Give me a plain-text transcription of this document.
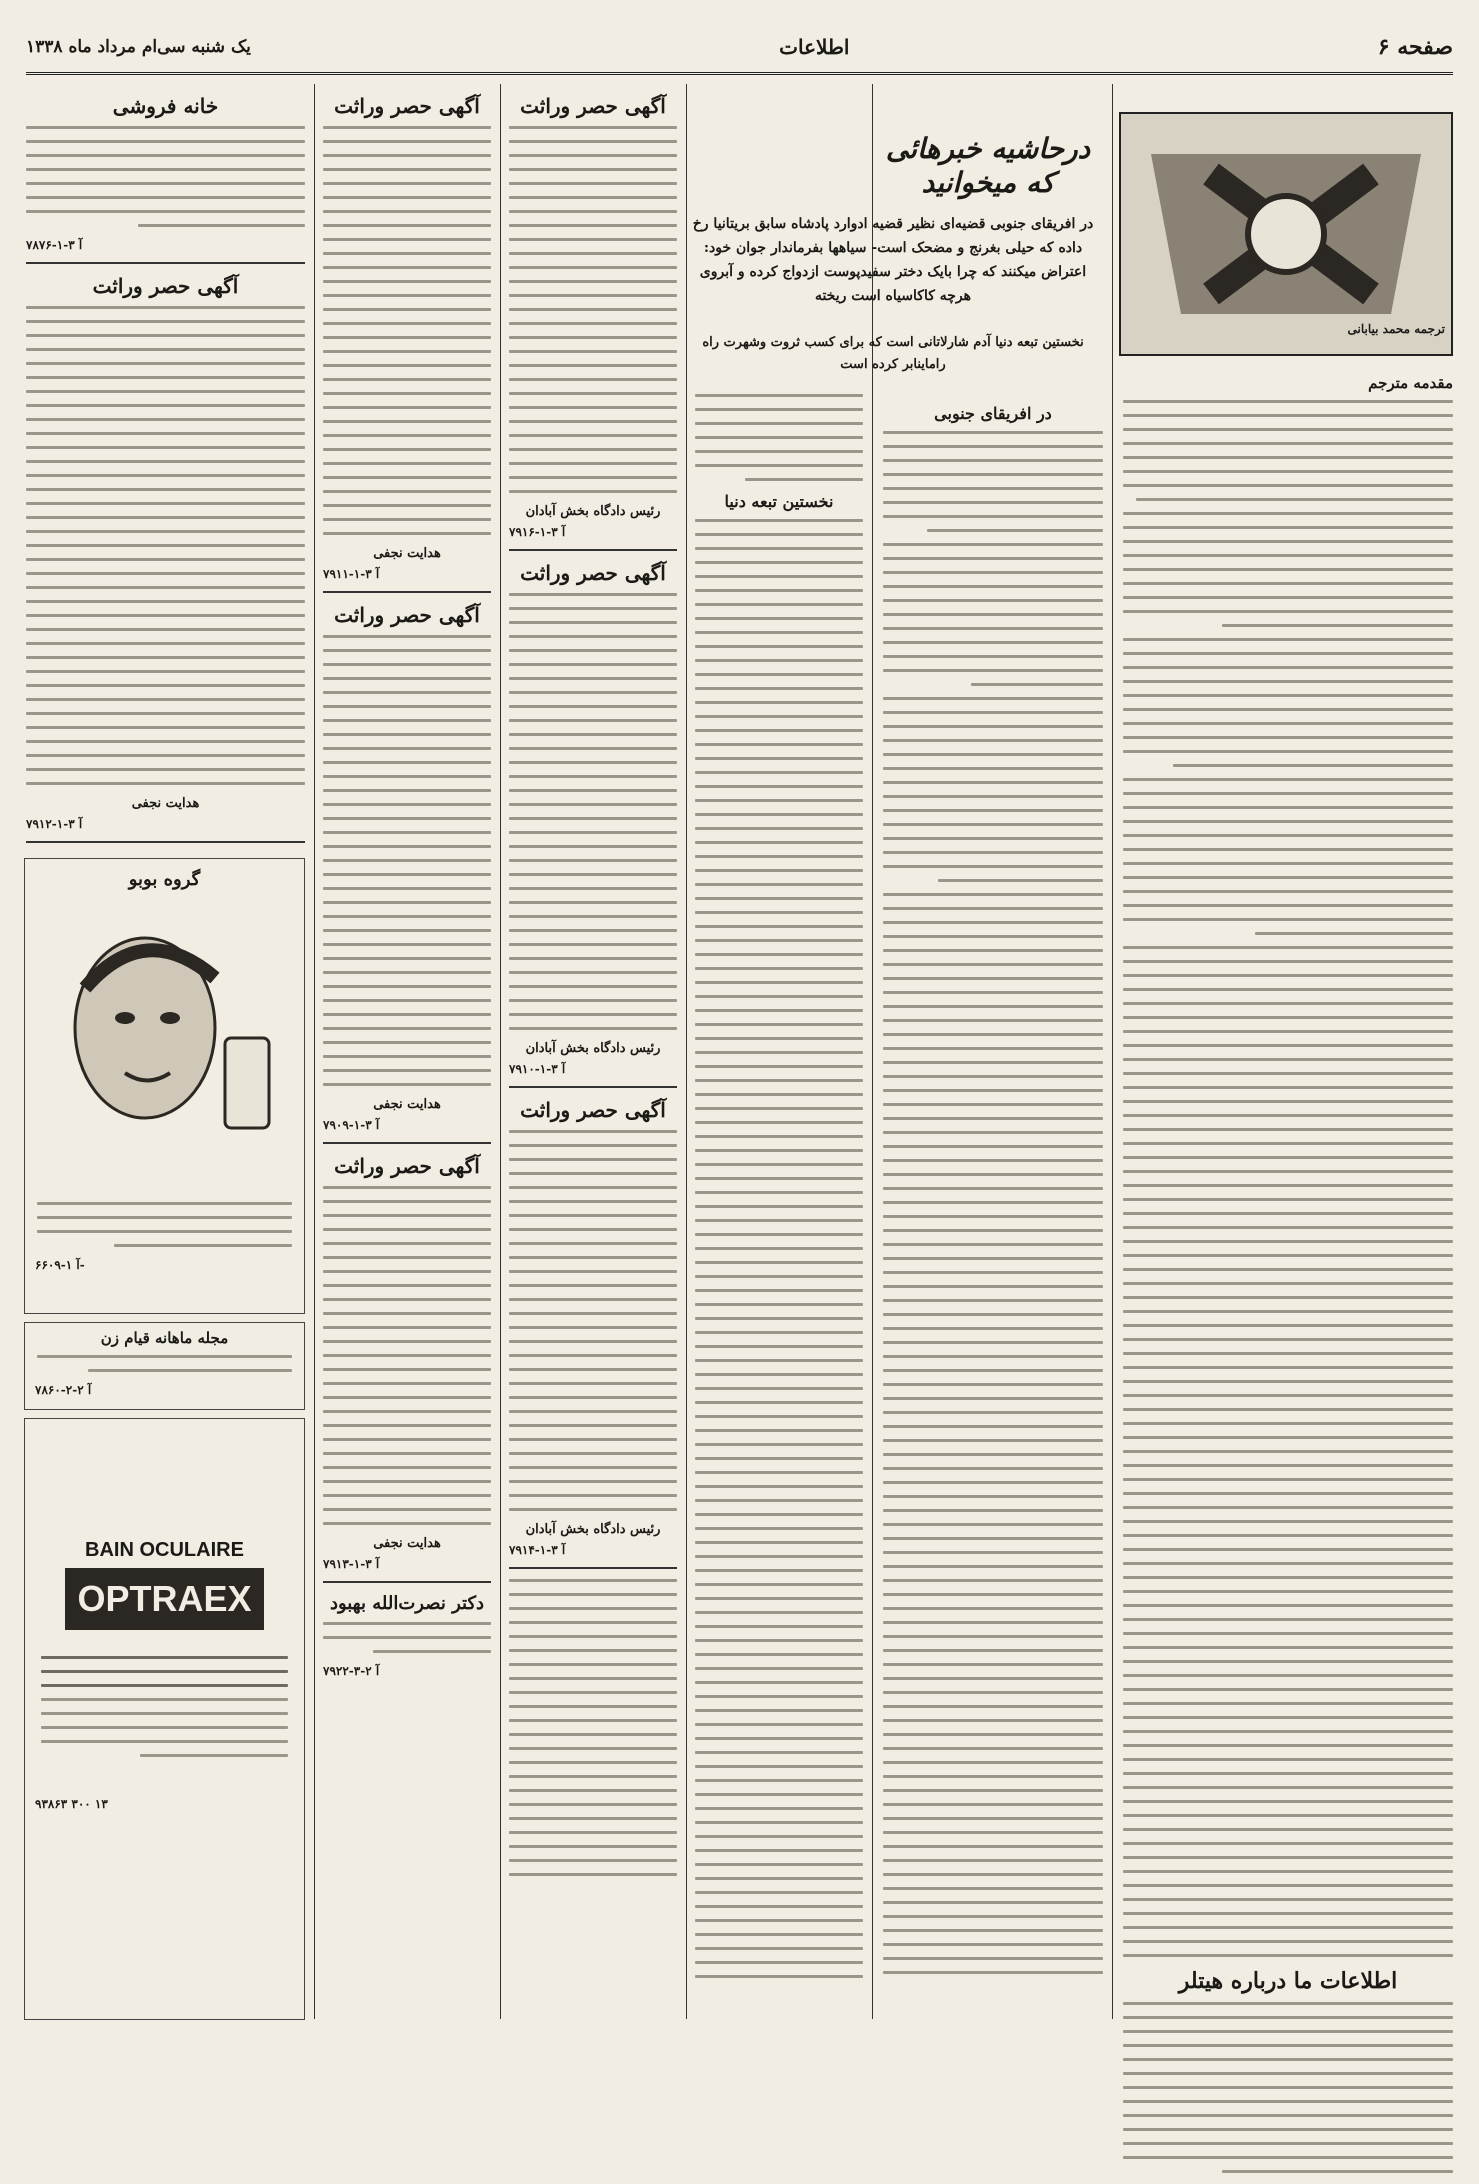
صفحه ۶
اطلاعات
یک شنبه سی‌ام مرداد ماه ۱۳۳۸
ترجمه محمد بیابانی
مقدمه مترجم
اطلاعات ما درباره هیتلر
درحاشیه خبرهائی که میخوانید
در افریقای جنوبی قضیه‌ای نظیر قضیه ادوارد پادشاه سابق بریتانیا رخ داده که حیلی بغرنج و مضحک است- سیاهها بفرماندار جوان خود: اعتراض میکنند که چرا بایک دختر سفیدپوست ازدواج کرده و آبروی هرچه کاکاسیاه است ریخته
نخستین تبعه دنیا آدم شارلاتانی است که برای کسب ثروت وشهرت راه راماینابر کرده است
در افریقای جنوبی
نخستین تبعه دنیا
آگهی حصر وراثت
رئیس دادگاه بخش آبادان
۷۹۱۶-آ ۳-۱
آگهی حصر وراثت
رئیس دادگاه بخش آبادان
۷۹۱۰-آ ۳-۱
آگهی حصر وراثت
رئیس دادگاه بخش آبادان
۷۹۱۴-آ ۳-۱
آگهی حصر وراثت
هدایت نجفی
۷۹۱۱-آ ۳-۱
آگهی حصر وراثت
هدایت نجفی
۷۹۰۹-آ ۳-۱
آگهی حصر وراثت
هدایت نجفی
۷۹۱۳-آ ۳-۱
دکتر نصرت‌الله بهبود
۷۹۲۲-آ ۲-۳
خانه فروشی
۷۸۷۶-آ ۳-۱
آگهی حصر وراثت
هدایت نجفی
۷۹۱۲-آ ۳-۱
گروه بوبو
۶۶۰۹-آ ۱-
مجله ماهانه قیام زن
۷۸۶۰-آ ۲-۲
BAIN OCULAIRE
OPTRAEX
۹۳۸۶۳ ۳۰۰ ۱۳
